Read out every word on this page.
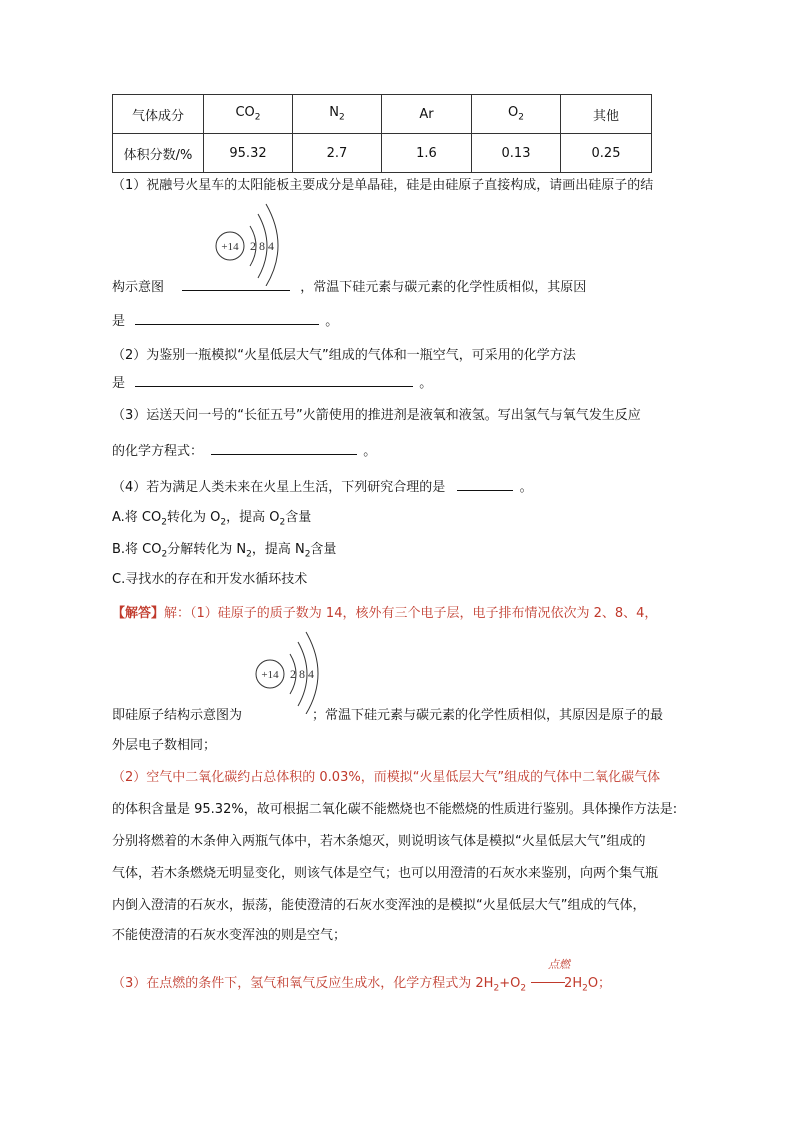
气体成分	$CO_2$	$N_2$	Ar	$O_2$	其他
体积分数/%	95.32	2.7	1.6	0.13	0.25
（1）祝融号火星车的太阳能板主要成分是单晶硅，硅是由硅原子直接构成，请画出硅原子的结
+14 2 8 4
构示意图	，常温下硅元素与碳元素的化学性质相似，其原因
是	。
（2）为鉴别一瓶模拟“火星低层大气”组成的气体和一瓶空气，可采用的化学方法
是	。
（3）运送天问一号的“长征五号”火箭使用的推进剂是液氧和液氢。写出氢气与氧气发生反应
的化学方程式：	。
（4）若为满足人类未来在火星上生活，下列研究合理的是	。
A.将 $CO_2$转化为 $O_2$，提高 $O_2$含量
B.将 $CO_2$分解转化为 $N_2$，提高 $N_2$含量
C.寻找水的存在和开发水循环技术
【解答】解：（1）硅原子的质子数为 14，核外有三个电子层，电子排布情况依次为 2、8、4，
+14 2 8 4
即硅原子结构示意图为	；常温下硅元素与碳元素的化学性质相似，其原因是原子的最
外层电子数相同；
（2）空气中二氧化碳约占总体积的 0.03%，而模拟“火星低层大气”组成的气体中二氧化碳气体
的体积含量是 95.32%，故可根据二氧化碳不能燃烧也不能燃烧的性质进行鉴别。具体操作方法是:
分别将燃着的木条伸入两瓶气体中，若木条熄灭，则说明该气体是模拟“火星低层大气”组成的
气体，若木条燃烧无明显变化，则该气体是空气；也可以用澄清的石灰水来鉴别，向两个集气瓶
内倒入澄清的石灰水，振荡，能使澄清的石灰水变浑浊的是模拟“火星低层大气”组成的气体，
不能使澄清的石灰水变浑浊的则是空气；
点燃
（3）在点燃的条件下，氢气和氧气反应生成水，化学方程式为 $2H_2+O_2$	$2H_2O$；
